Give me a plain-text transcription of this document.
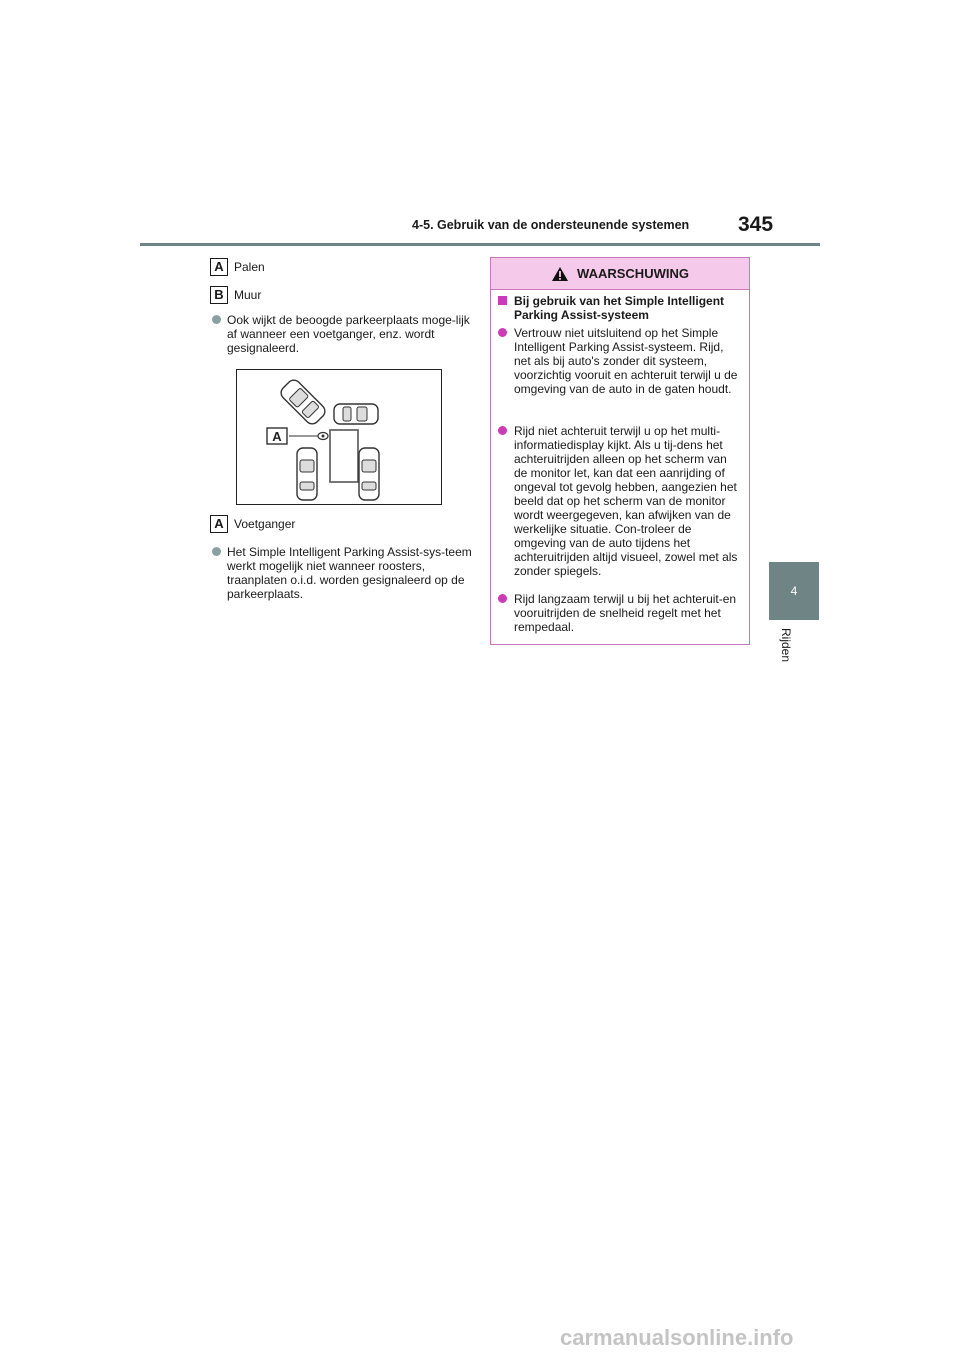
4-5. Gebruik van de ondersteunende systemen 345
4
Rijden
A Palen
B Muur
Ook wijkt de beoogde parkeerplaats moge-lijk af wanneer een voetganger, enz. wordt gesignaleerd.
A
A Voetganger
Het Simple Intelligent Parking Assist-sys-teem werkt mogelijk niet wanneer roosters, traanplaten o.i.d. worden gesignaleerd op de parkeerplaats.
WAARSCHUWING
Bij gebruik van het Simple Intelligent Parking Assist-systeem
Vertrouw niet uitsluitend op het Simple Intelligent Parking Assist-systeem. Rijd, net als bij auto's zonder dit systeem, voorzichtig vooruit en achteruit terwijl u de omgeving van de auto in de gaten houdt.
Rijd niet achteruit terwijl u op het multi-informatiedisplay kijkt. Als u tij-dens het achteruitrijden alleen op het scherm van de monitor let, kan dat een aanrijding of ongeval tot gevolg hebben, aangezien het beeld dat op het scherm van de monitor wordt weergegeven, kan afwijken van de werkelijke situatie. Con-troleer de omgeving van de auto tijdens het achteruitrijden altijd visueel, zowel met als zonder spiegels.
Rijd langzaam terwijl u bij het achteruit-en vooruitrijden de snelheid regelt met het rempedaal.
carmanualsonline.info
